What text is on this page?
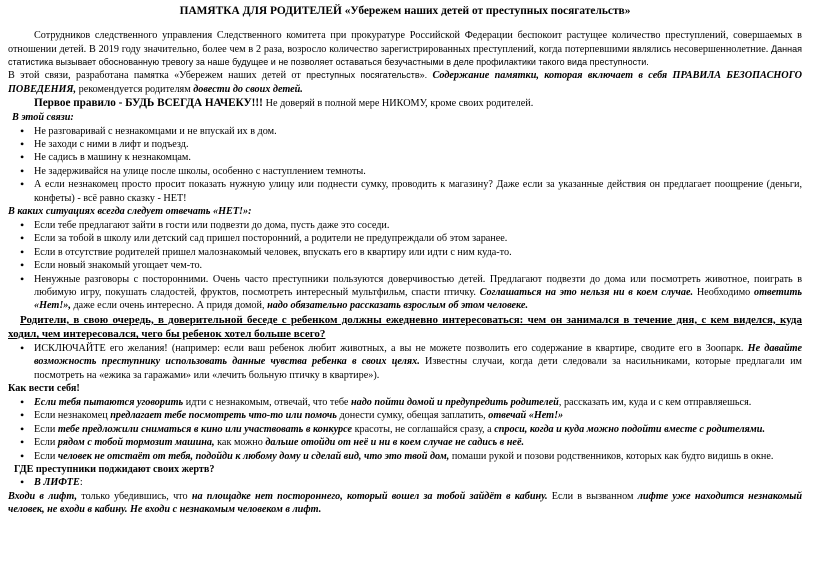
ПАМЯТКА ДЛЯ РОДИТЕЛЕЙ «Убережем нaших детей от преступных посягательств»

Сотрудников следственного управления Следственного комитета при прокуратуре Российской Федерации беспокоит растущее количество преступлений, совершаемых в отношении детей. В 2019 году значительно, более чем в 2 раза, возросло количество зарегистрированных преступлений, когда потерпевшими являлись несовершеннолетние. Данная статистика вызывает обоснованную тревогу за наше будущее и не позволяет оставаться безучастными в деле профилактики такого вида преступности.
В этой связи, разработана памятка «Убережем наших детей от преступных посягательств». Содержание памятки, которая включает в себя ПРАВИЛА БЕЗОПАСНОГО ПОВЕДЕНИЯ, рекомендуется родителям довести до своих детей.

Первое правило - БУДЬ ВСЕГДА НАЧЕКУ!!! Не доверяй в полной мере НИКОМУ, кроме своих родителей.

В этой связи:

• Не разговаривай с незнакомцами и не впускай их в дом.
• Не заходи с ними в лифт и подъезд.
• Не садись в машину к незнакомцам.
• Не задерживайся на улице после школы, особенно с наступлением темноты.
• А если незнакомец просто просит показать нужную улицу или поднести сумку, проводить к магазину? Даже если за указанные действия он предлагает поощрение (деньги, конфеты) - всё равно сказку - НЕТ!

В каких ситуациях всегда следует отвечать «НЕТ!»:

• Если тебе предлагают зайти в гости или подвезти до дома, пусть даже это соседи.
• Если за тобой в школу или детский сад пришел посторонний, а родители не предупреждали об этом заранее.
• Если в отсутствие родителей пришел малознакомый человек, впускать его в квартиру или идти с ним куда-то.
• Если новый знакомый угощает чем-то.
• Ненужные разговоры с посторонними. Очень часто преступники пользуются доверчивостью детей. Предлагают подвезти до дома или посмотреть животное, поиграть в любимую игру, покушать сладостей, фруктов, посмотреть интересный мультфильм, спасти птичку. Соглашаться на это нельзя ни в коем случае. Необходимо ответить «Нет!», даже если очень интересно. А придя домой, надо обязательно рассказать взрослым об этом человеке.

Родители, в свою очередь, в доверительной беседе с ребенком должны ежедневно интересоваться: чем он занимался в течение дня, с кем виделся, куда ходил, чем интересовался, чего бы ребенок хотел больше всего?

• ИСКЛЮЧАЙТЕ его желания! (например: если ваш ребенок любит животных, а вы не можете позволить его содержание в квартире, сводите его в Зоопарк. Не давайте возможность преступнику использовать данные чувства ребенка в своих целях. Известны случаи, когда дети следовали за насильниками, которые предлагали им посмотреть на «ежика за гаражами» или «лечить больную птичку в квартире»).

Как вести себя!

• Если тебя пытаются уговорить идти с незнакомым, отвечай, что тебе надо пойти домой и предупредить родителей, рассказать им, куда и с кем отправляешься.
• Если незнакомец предлагает тебе посмотреть что-то или помочь донести сумку, обещая заплатить, отвечай «Нет!»
• Если тебе предложили сниматься в кино или участвовать в конкурсе красоты, не соглашайся сразу, а спроси, когда и куда можно подойти вместе с родителями.
• Если рядом с тобой тормозит машина, как можно дальше отойди от неё и ни в коем случае не садись в неё.
• Если человек не отстаёт от тебя, подойди к любому дому и сделай вид, что это твой дом, помаши рукой и позови родственников, которых как будто видишь в окне.

ГДЕ преступники поджидают своих жертв?

• В ЛИФТЕ:

Входи в лифт, только убедившись, что на площадке нет постороннего, который вошел за тобой зайдёт в кабину. Если в вызванном лифте уже находится незнакомый человек, не входи в кабину. Не входи с незнакомым человеком в лифт.
